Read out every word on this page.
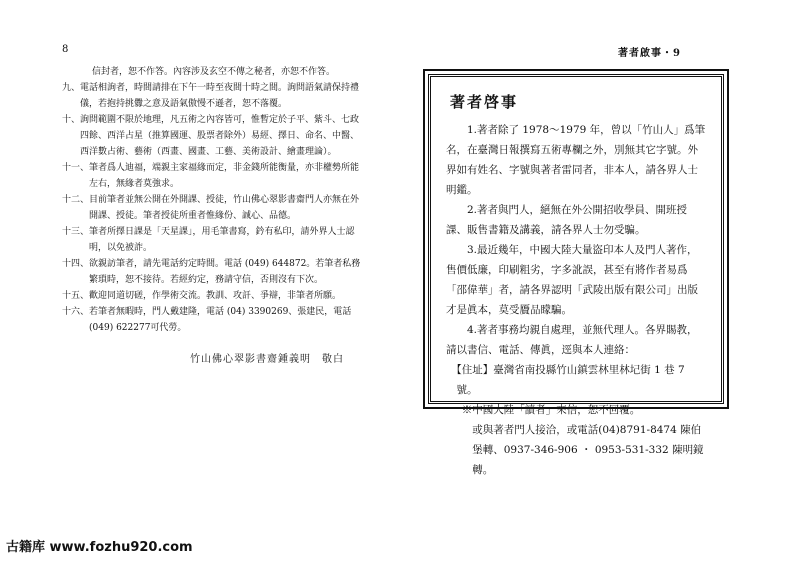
8	著者啟事・9
信封者，恕不作答。內容涉及玄空不傳之秘者，亦恕不作答。
九、 電話相詢者，時間請排在下午一時至夜間十時之間。詢問語氣請保持禮儀，若抱持挑釁之意及語氣傲慢不遜者，恕不落覆。
十、 詢問範圍不限於地理，凡五術之內容皆可，惟暫定於子平、紫斗、七政四餘、西洋占星（推算國運、股票者除外）易經、擇日、命名、中醫、西洋數占術、藝術（西畫、國畫、工藝、美術設計、繪畫理論）。
十一、 筆者爲人迪福，端親主家福緣而定，非金錢所能衡量，亦非權勢所能左右，無緣者莫強求。
十二、 目前筆者並無公開在外開課、授徒，竹山佛心翠影書齋門人亦無在外開課、授徒。筆者授徒所重者惟緣份、誠心、品德。
十三、 筆者所擇日課是「天星課」，用毛筆書寫，鈐有私印，請外界人士認明，以免被詐。
十四、 欲親訪筆者，請先電話約定時間。電話 (049) 644872。若筆者私務繁瑣時，恕不接待。若經約定，務請守信，否則沒有下次。
十五、 歡迎同道切磋，作學術交流。教訓、攻訐、爭辯，非筆者所願。
十六、 若筆者無暇時，門人戴建隆，電話 (04) 3390269、張建民，電話 (049) 622277可代勞。
竹山佛心翠影書齋鍾義明　敬白
著者啓事

1.著者除了 1978～1979 年，曾以「竹山人」爲筆名，在臺灣日報撰寫五術專欄之外，別無其它字號。外界如有姓名、字號與著者雷同者，非本人，請各界人士明鑑。

2.著者與門人，絕無在外公開招收學員、開班授課、販售書籍及講義，請各界人士勿受騙。

3.最近幾年，中國大陸大量盜印本人及門人著作，售價低廉，印刷粗劣，字多訛誤，甚至有將作者易爲「邵偉華」者，請各界認明「武陵出版有限公司」出版才是眞本，莫受贗品矇騙。

4.著者事務均親自處理，並無代理人。各界賜教，請以書信、電話、傳眞，逕與本人連絡：

【住址】臺灣省南投縣竹山鎮雲林里林圮街 1 巷 7 號。

※中國大陸「讀者」來信，恕不回覆。

或與著者門人接洽，或電話(04)8791-8474 陳伯堡轉、0937-346-906 ・ 0953-531-332 陳明鏡轉。

古籍库 www.fozhu920.com
